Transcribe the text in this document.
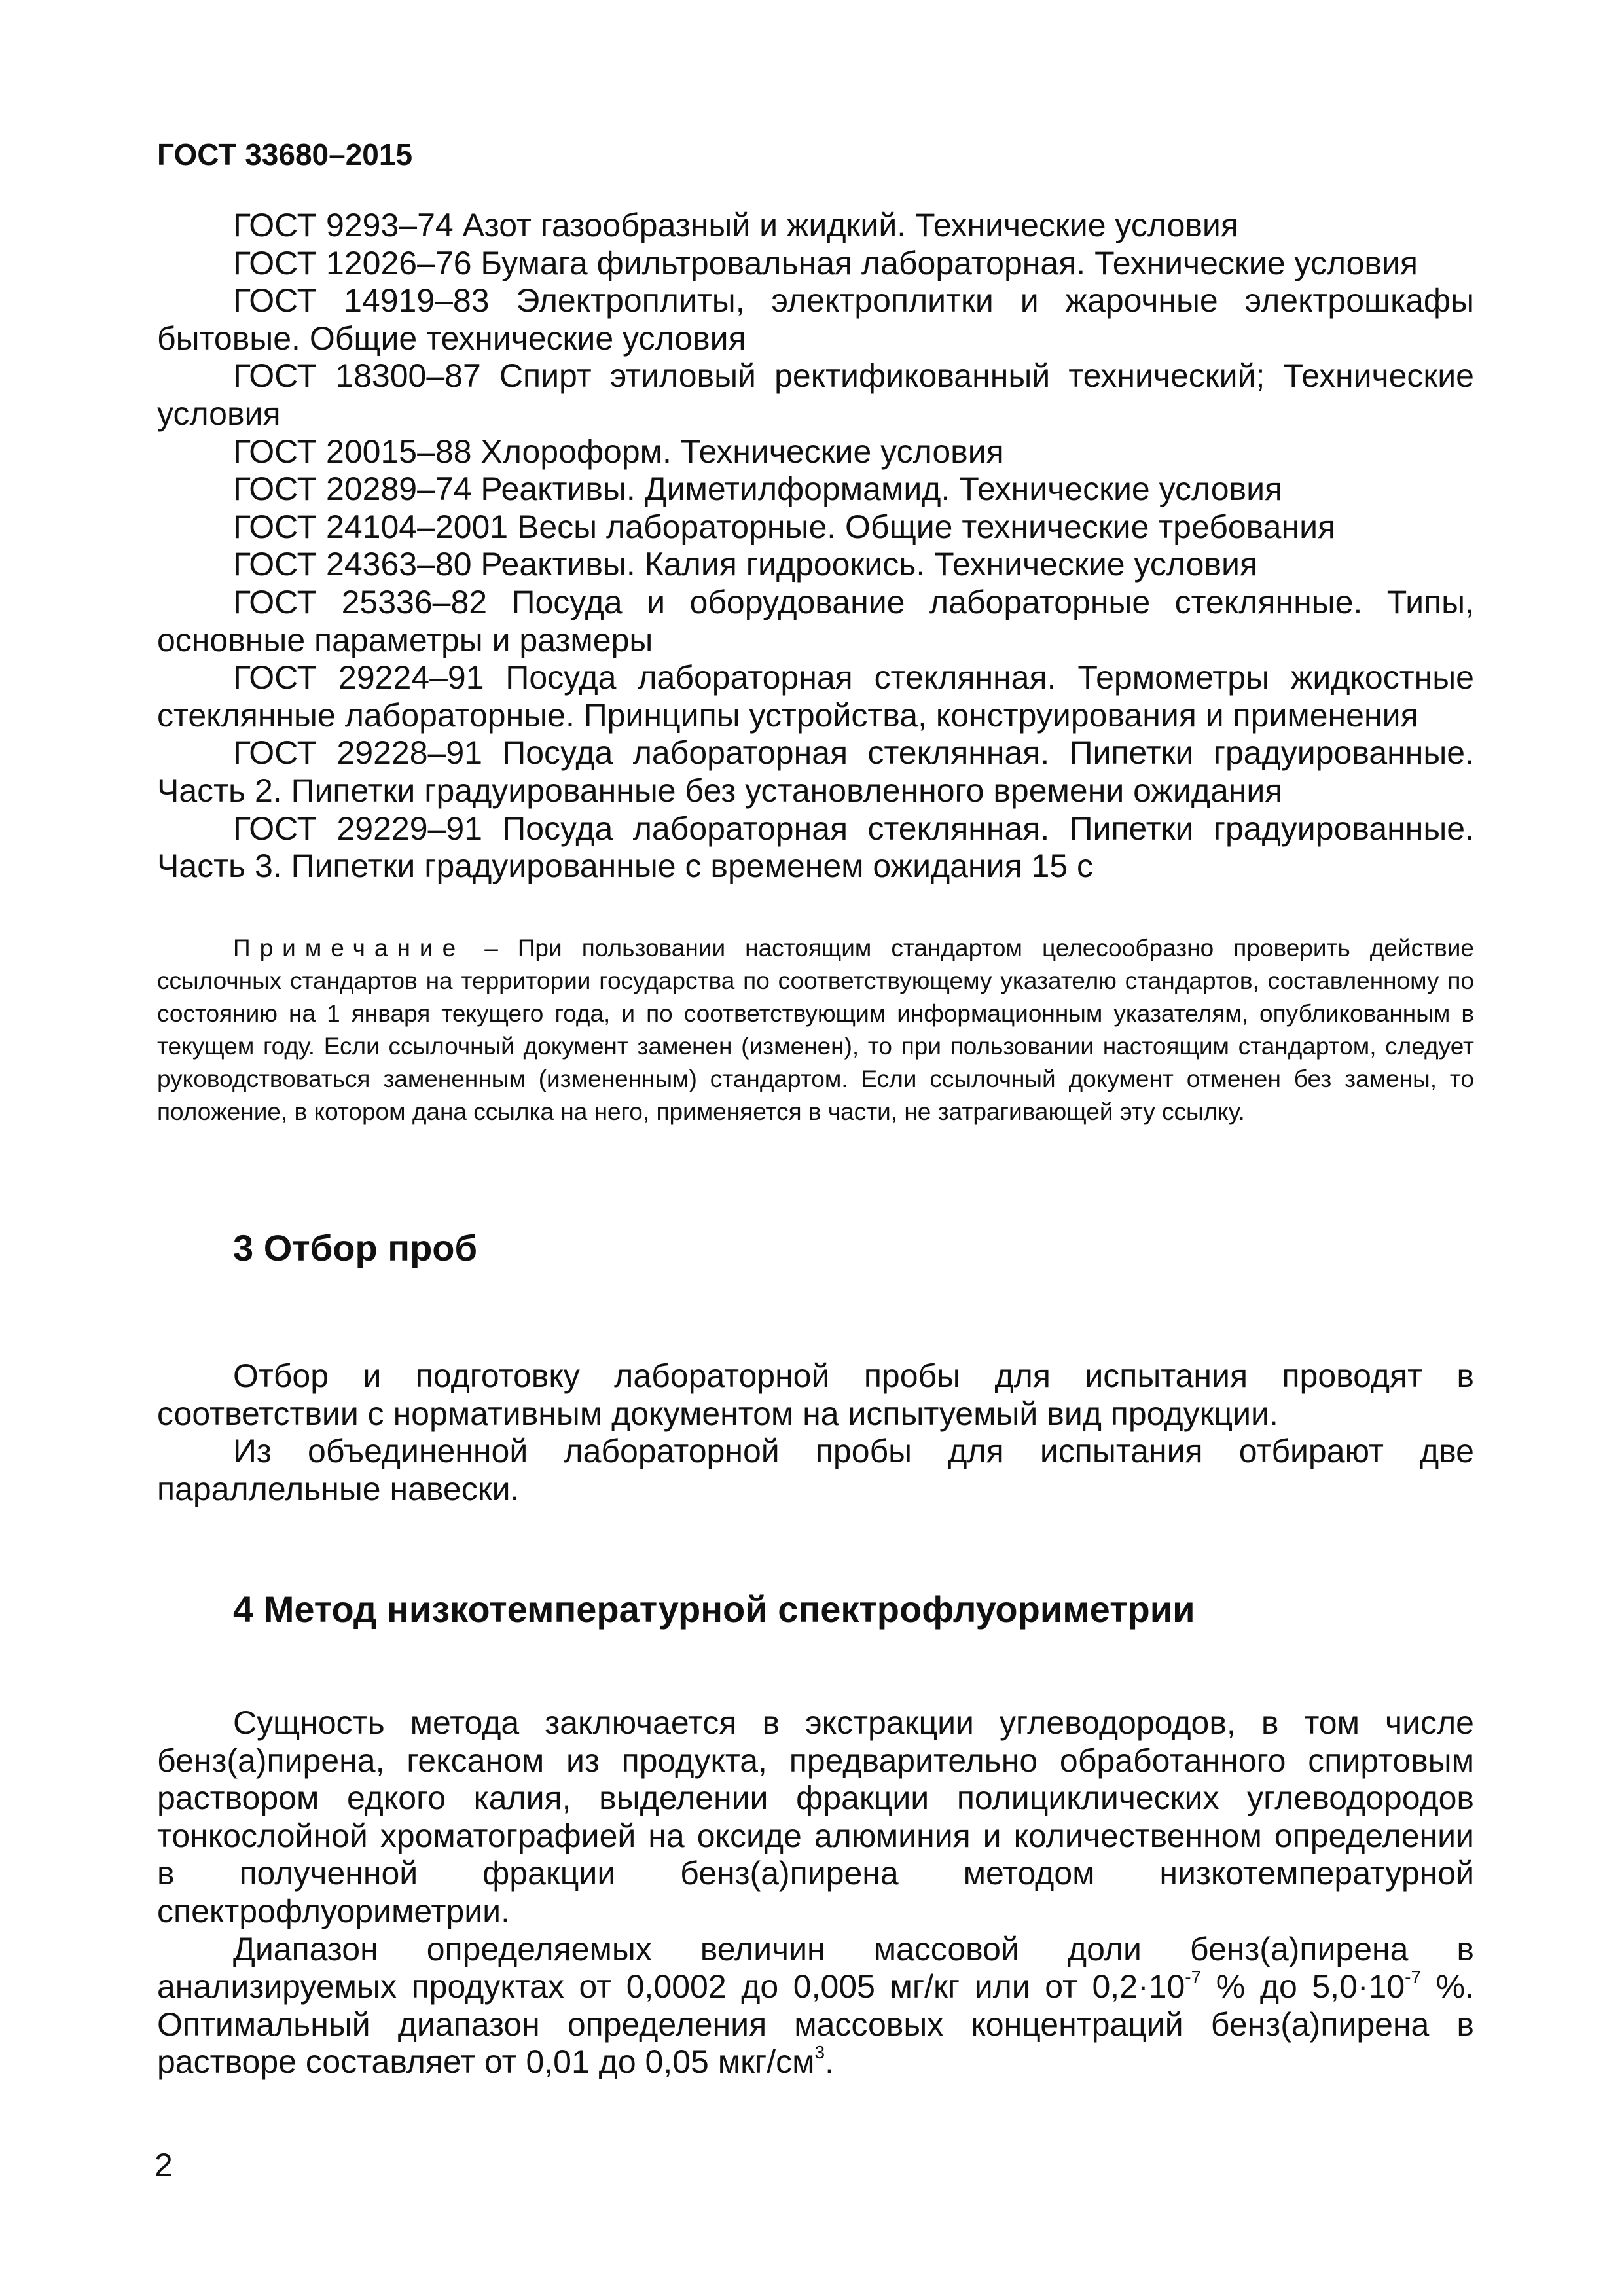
ГОСТ 33680–2015

ГОСТ 9293–74 Азот газообразный и жидкий. Технические условия

ГОСТ 12026–76 Бумага фильтровальная лабораторная. Технические условия

ГОСТ 14919–83 Электроплиты, электроплитки и жарочные электрошкафы бытовые. Общие технические условия

ГОСТ 18300–87 Спирт этиловый ректификованный технический; Технические условия

ГОСТ 20015–88 Хлороформ. Технические условия

ГОСТ 20289–74 Реактивы. Диметилформамид. Технические условия

ГОСТ 24104–2001 Весы лабораторные. Общие технические требования

ГОСТ 24363–80 Реактивы. Калия гидроокись. Технические условия

ГОСТ 25336–82 Посуда и оборудование лабораторные стеклянные. Типы, основные параметры и размеры

ГОСТ 29224–91 Посуда лабораторная стеклянная. Термометры жидкостные стеклянные лабораторные. Принципы устройства, конструирования и применения

ГОСТ 29228–91 Посуда лабораторная стеклянная. Пипетки градуированные. Часть 2. Пипетки градуированные без установленного времени ожидания

ГОСТ 29229–91 Посуда лабораторная стеклянная. Пипетки градуированные. Часть 3. Пипетки градуированные с временем ожидания 15 с

Примечание – При пользовании настоящим стандартом целесообразно проверить действие ссылочных стандартов на территории государства по соответствующему указателю стандартов, составленному по состоянию на 1 января текущего года, и по соответствующим информационным указателям, опубликованным в текущем году. Если ссылочный документ заменен (изменен), то при пользовании настоящим стандартом, следует руководствоваться замененным (измененным) стандартом. Если ссылочный документ отменен без замены, то положение, в котором дана ссылка на него, применяется в части, не затрагивающей эту ссылку.

3 Отбор проб

Отбор и подготовку лабораторной пробы для испытания проводят в соответствии с нормативным документом на испытуемый вид продукции.

Из объединенной лабораторной пробы для испытания отбирают две параллельные навески.

4 Метод низкотемпературной спектрофлуориметрии

Сущность метода заключается в экстракции углеводородов, в том числе бенз(а)пирена, гексаном из продукта, предварительно обработанного спиртовым раствором едкого калия, выделении фракции полициклических углеводородов тонкослойной хроматографией на оксиде алюминия и количественном определении в полученной фракции бенз(а)пирена методом низкотемпературной спектрофлуориметрии.

Диапазон определяемых величин массовой доли бенз(а)пирена в анализируемых продуктах от 0,0002 до 0,005 мг/кг или от $0,2\cdot 10^{-7}$ % до $5,0\cdot 10^{-7}$ %. Оптимальный диапазон определения массовых концентраций бенз(а)пирена в растворе составляет от 0,01 до 0,05 мкг/$см^3$.

2
